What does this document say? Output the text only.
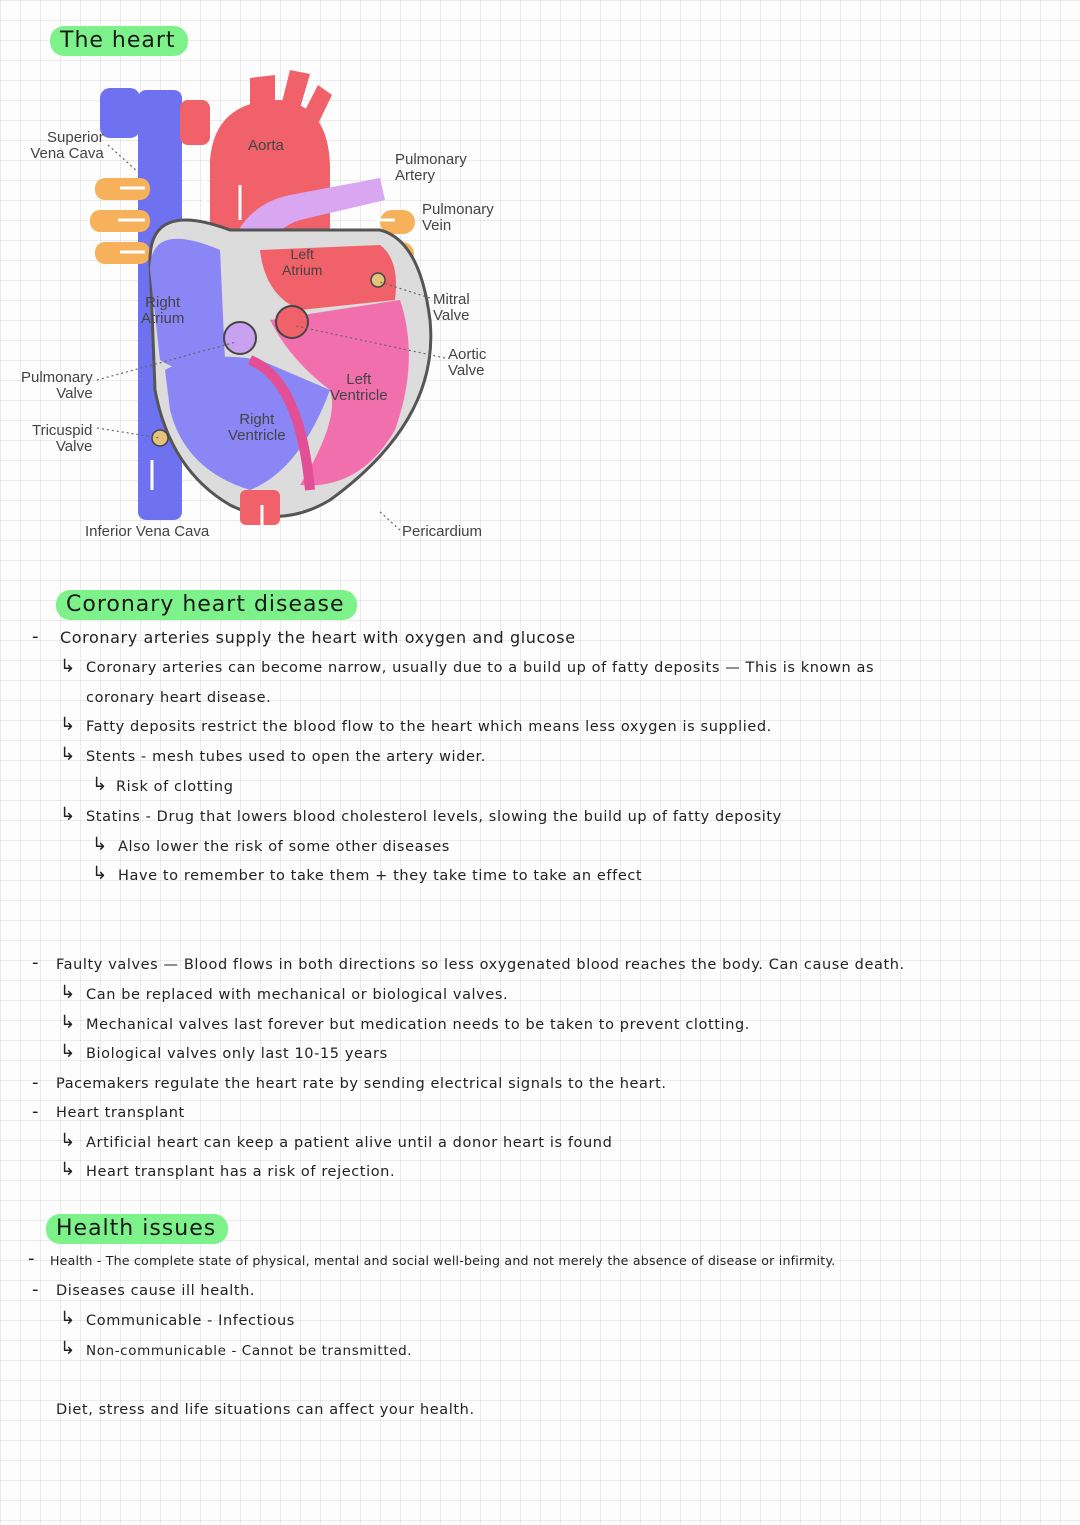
The heart
Superior
Vena Cava	Aorta
Pulmonary
Artery
Pulmonary
Vein
Left
Atrium
Mitral
Valve
Right
Atrium
Aortic
Valve
Pulmonary
Valve
Left
Ventricle
Tricuspid
Valve
Right
Ventricle
Inferior Vena Cava	Pericardium
Coronary heart disease
- Coronary arteries supply the heart with oxygen and glucose
↳ Coronary arteries can become narrow, usually due to a build up of fatty deposits — This is known as
coronary heart disease.
↳ Fatty deposits restrict the blood flow to the heart which means less oxygen is supplied.
↳ Stents - mesh tubes used to open the artery wider.
↳ Risk of clotting
↳ Statins - Drug that lowers blood cholesterol levels, slowing the build up of fatty deposity
↳ Also lower the risk of some other diseases
↳ Have to remember to take them + they take time to take an effect
- Faulty valves — Blood flows in both directions so less oxygenated blood reaches the body. Can cause death.
↳ Can be replaced with mechanical or biological valves.
↳ Mechanical valves last forever but medication needs to be taken to prevent clotting.
↳ Biological valves only last 10-15 years
- Pacemakers regulate the heart rate by sending electrical signals to the heart.
- Heart transplant
↳ Artificial heart can keep a patient alive until a donor heart is found
↳ Heart transplant has a risk of rejection.
Health issues
- Health - The complete state of physical, mental and social well-being and not merely the absence of disease or infirmity.
- Diseases cause ill health.
↳ Communicable - Infectious
↳ Non-communicable - Cannot be transmitted.
Diet, stress and life situations can affect your health.
